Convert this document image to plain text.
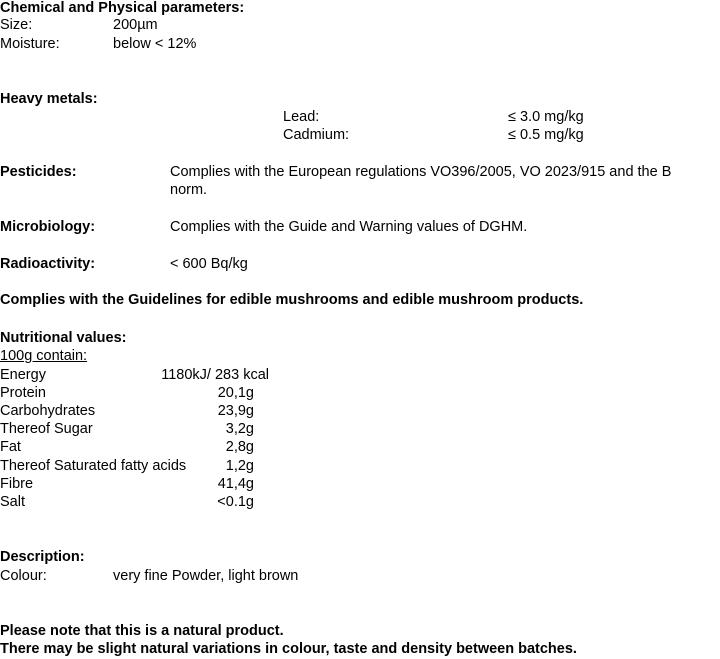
Chemical and Physical parameters:
Size:	200µm
Moisture:	below < 12%
Heavy metals:
Lead:	≤ 3.0 mg/kg
Cadmium:	≤ 0.5 mg/kg
Pesticides:	Complies with the European regulations VO396/2005, VO 2023/915 and the B
norm.
Microbiology:	Complies with the Guide and Warning values of DGHM.
Radioactivity:	< 600 Bq/kg
Complies with the Guidelines for edible mushrooms and edible mushroom products.
Nutritional values:
100g contain:
Energy	1180kJ/ 283 kcal
Protein	20,1g
Carbohydrates	23,9g
Thereof Sugar	3,2g
Fat	2,8g
Thereof Saturated fatty acids	1,2g
Fibre	41,4g
Salt	<0.1g
Description:
Colour:	very fine Powder, light brown
Please note that this is a natural product.
There may be slight natural variations in colour, taste and density between batches.
